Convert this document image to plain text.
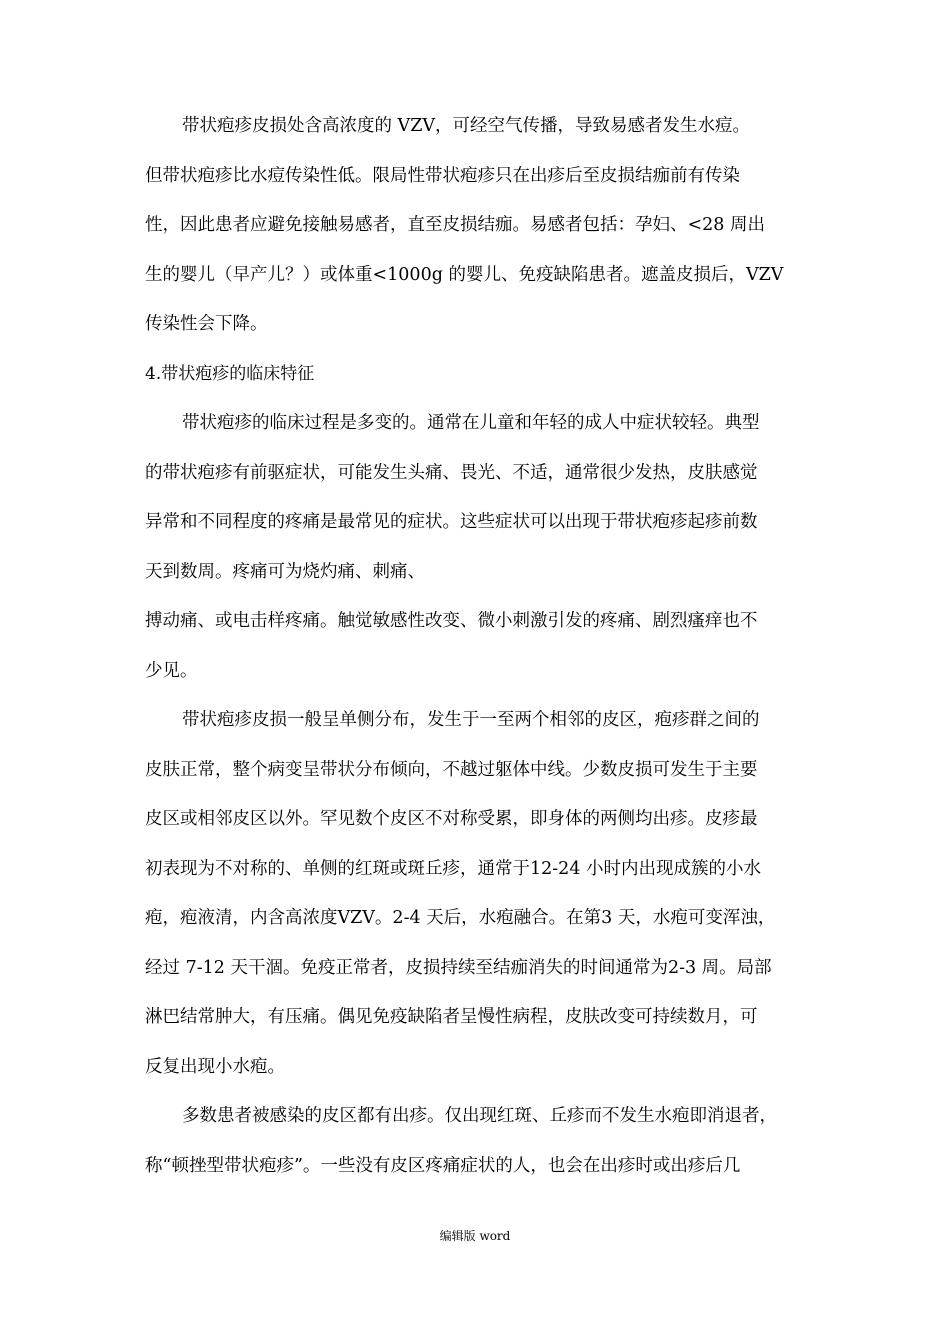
带状疱疹皮损处含高浓度的 VZV，可经空气传播，导致易感者发生水痘。
但带状疱疹比水痘传染性低。限局性带状疱疹只在出疹后至皮损结痂前有传染
性，因此患者应避免接触易感者，直至皮损结痂。易感者包括：孕妇、<28 周出
生的婴儿（早产儿？）或体重<1000g 的婴儿、免疫缺陷患者。遮盖皮损后，VZV
传染性会下降。

4.带状疱疹的临床特征

带状疱疹的临床过程是多变的。通常在儿童和年轻的成人中症状较轻。典型
的带状疱疹有前驱症状，可能发生头痛、畏光、不适，通常很少发热，皮肤感觉
异常和不同程度的疼痛是最常见的症状。这些症状可以出现于带状疱疹起疹前数
天到数周。疼痛可为烧灼痛、刺痛、
搏动痛、或电击样疼痛。触觉敏感性改变、微小刺激引发的疼痛、剧烈瘙痒也不
少见。

带状疱疹皮损一般呈单侧分布，发生于一至两个相邻的皮区，疱疹群之间的
皮肤正常，整个病变呈带状分布倾向，不越过躯体中线。少数皮损可发生于主要
皮区或相邻皮区以外。罕见数个皮区不对称受累，即身体的两侧均出疹。皮疹最
初表现为不对称的、单侧的红斑或斑丘疹，通常于12-24 小时内出现成簇的小水
疱，疱液清，内含高浓度VZV。2-4 天后，水疱融合。在第3 天，水疱可变浑浊，
经过 7-12 天干涸。免疫正常者，皮损持续至结痂消失的时间通常为2-3 周。局部
淋巴结常肿大，有压痛。偶见免疫缺陷者呈慢性病程，皮肤改变可持续数月，可
反复出现小水疱。

多数患者被感染的皮区都有出疹。仅出现红斑、丘疹而不发生水疱即消退者，
称“顿挫型带状疱疹”。一些没有皮区疼痛症状的人，也会在出疹时或出疹后几

编辑版 word
